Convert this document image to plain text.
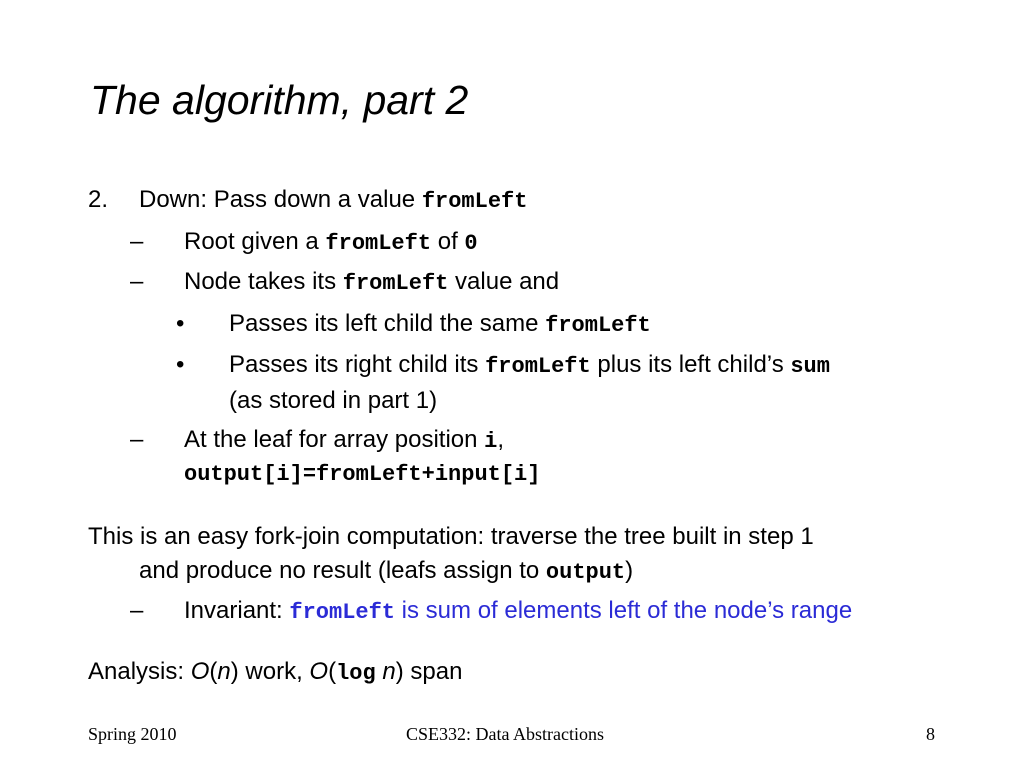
The algorithm, part 2
2. Down: Pass down a value fromLeft
– Root given a fromLeft of 0
– Node takes its fromLeft value and
• Passes its left child the same fromLeft
• Passes its right child its fromLeft plus its left child’s sum
(as stored in part 1)
– At the leaf for array position i,
output[i]=fromLeft+input[i]
This is an easy fork-join computation: traverse the tree built in step 1
and produce no result (leafs assign to output)
– Invariant: fromLeft is sum of elements left of the node’s range
Analysis: O(n) work, O(log n) span
Spring 2010	CSE332: Data Abstractions	8
